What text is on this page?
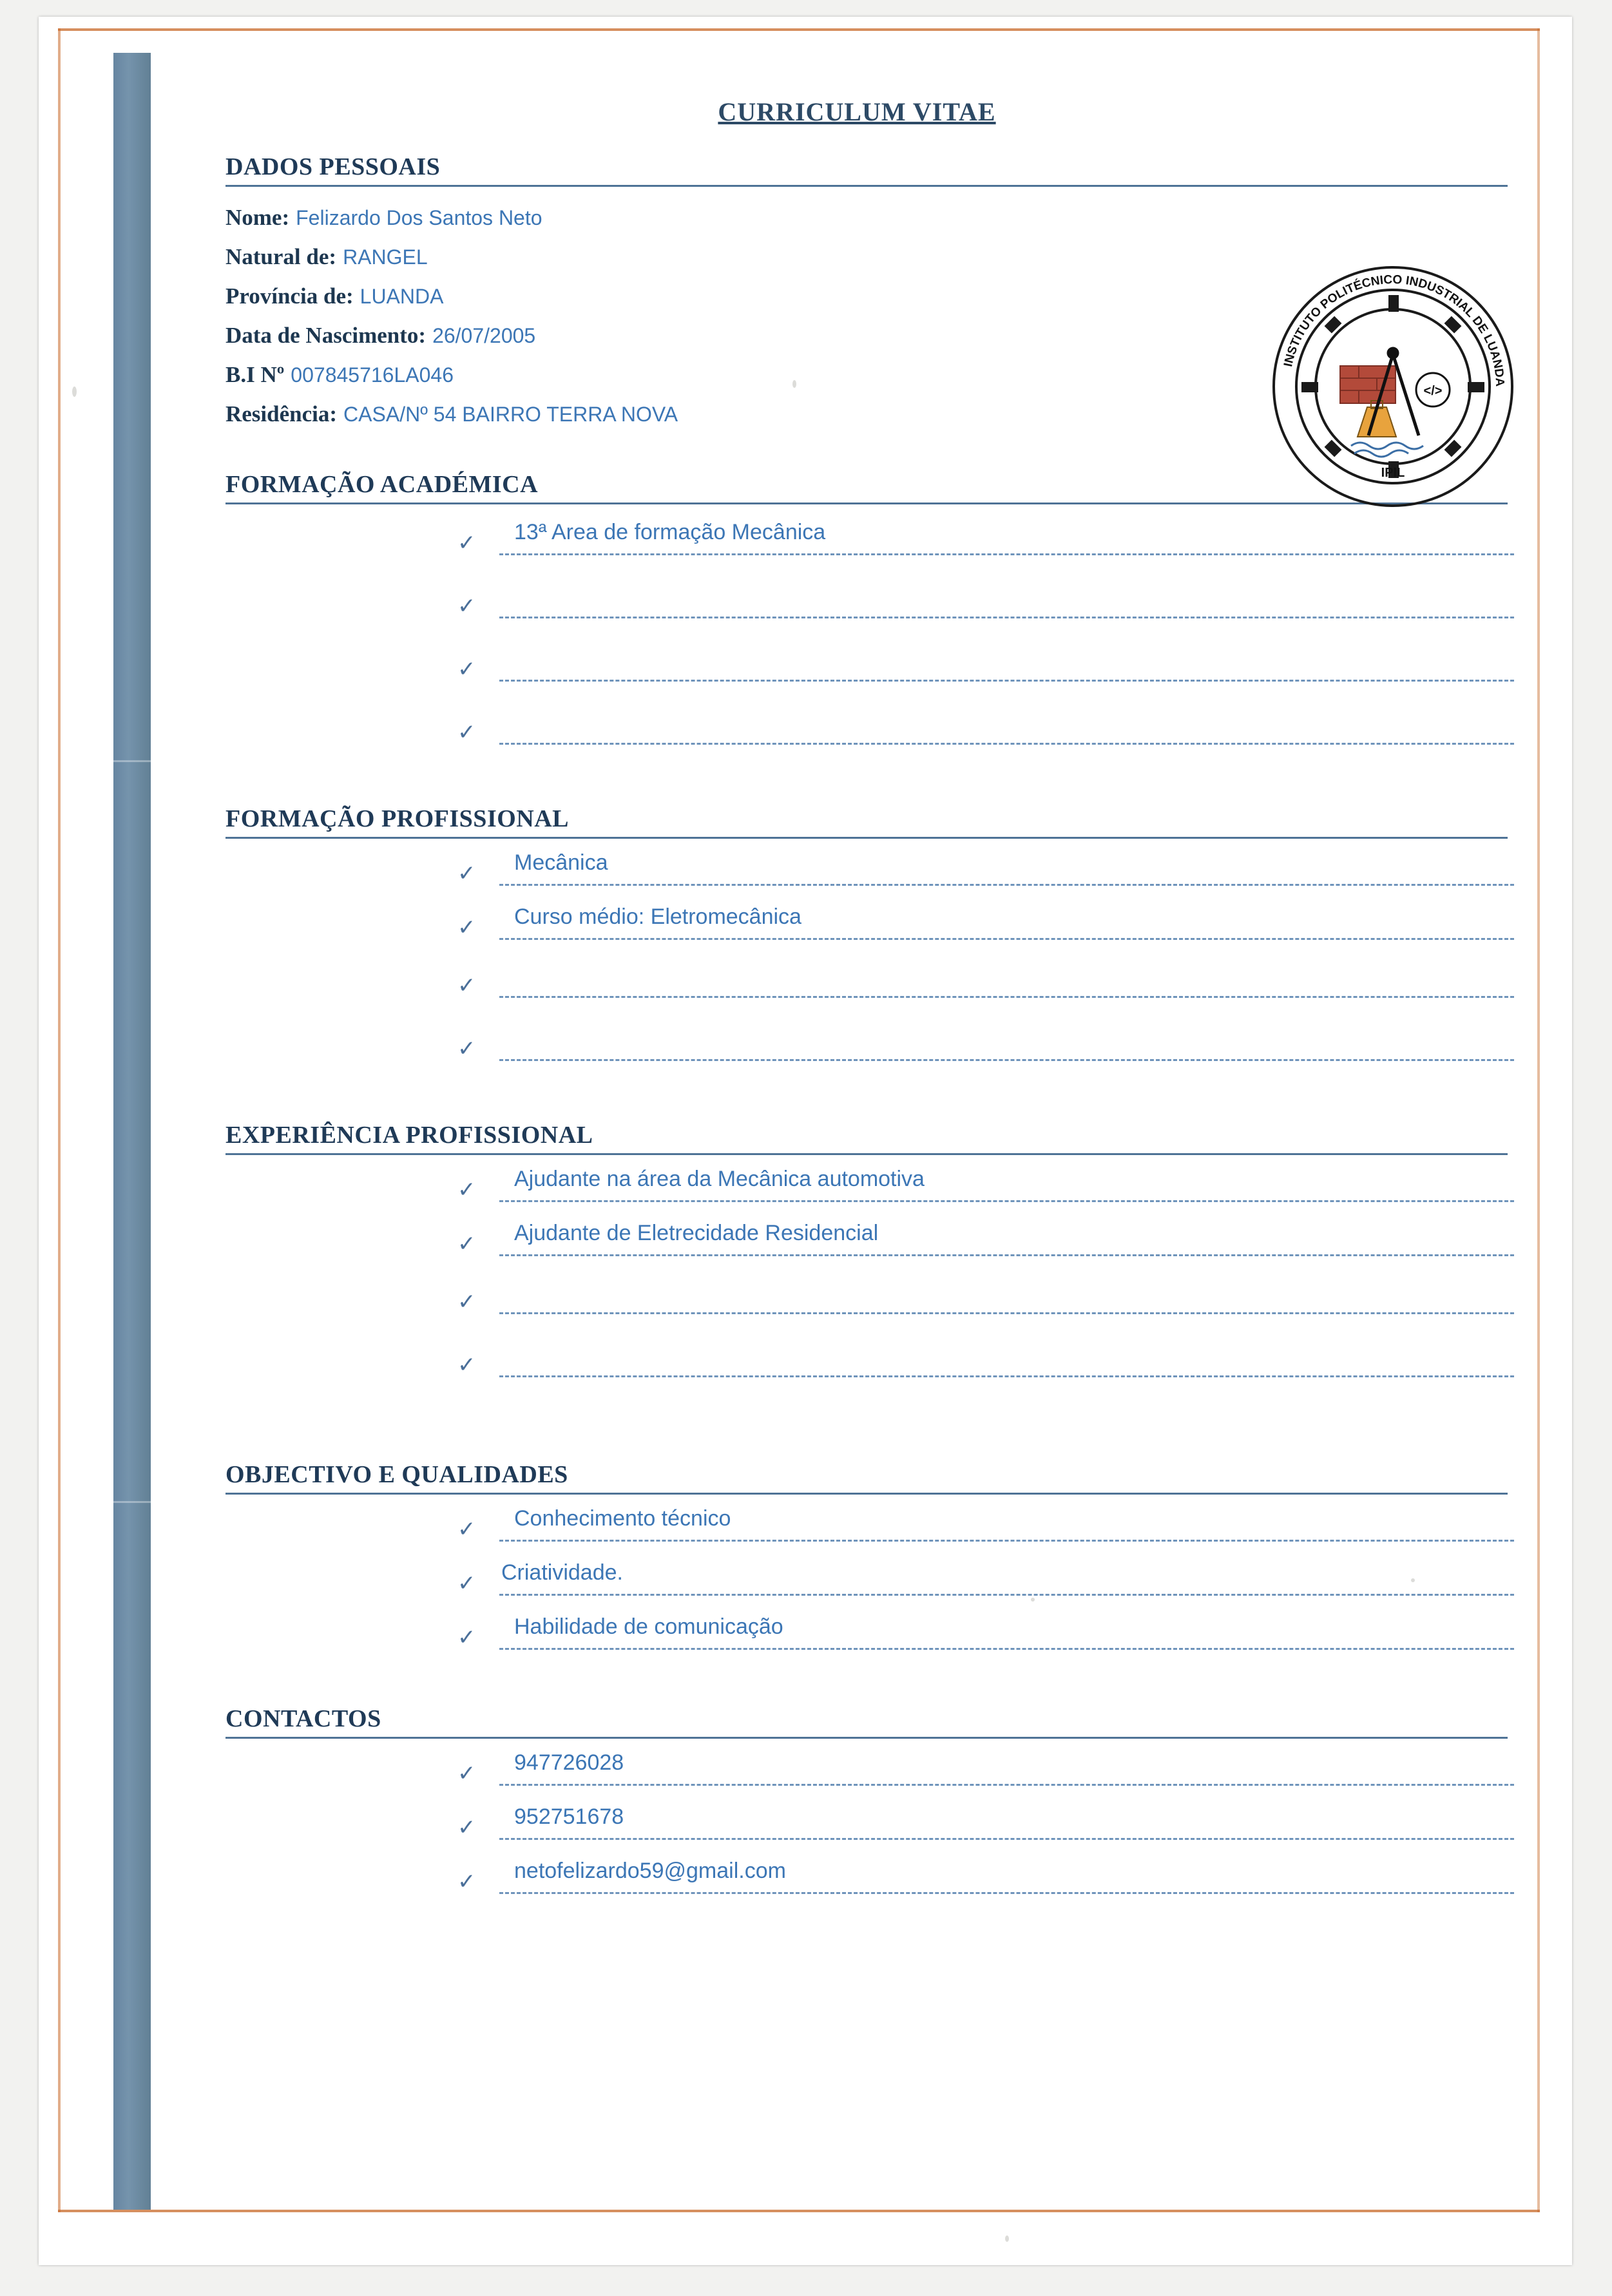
CURRICULUM VITAE
DADOS PESSOAIS
Nome: Felizardo Dos Santos Neto
Natural de: RANGEL
Província de: LUANDA
Data de Nascimento: 26/07/2005
B.I Nº 007845716LA046
Residência: CASA/Nº 54 BAIRRO TERRA NOVA
FORMAÇÃO ACADÉMICA
✓ 13ª Area de formação Mecânica
✓
✓
✓
FORMAÇÃO PROFISSIONAL
✓ Mecânica
✓ Curso médio: Eletromecânica
✓
✓
EXPERIÊNCIA PROFISSIONAL
✓ Ajudante na área da Mecânica automotiva
✓ Ajudante de Eletrecidade Residencial
✓
✓
OBJECTIVO E QUALIDADES
✓ Conhecimento técnico
✓ Criatividade.
✓ Habilidade de comunicação
CONTACTOS
✓ 947726028
✓ 952751678
✓ netofelizardo59@gmail.com
INSTITUTO POLITÉCNICO INDUSTRIAL DE LUANDA
</>
IPIL
